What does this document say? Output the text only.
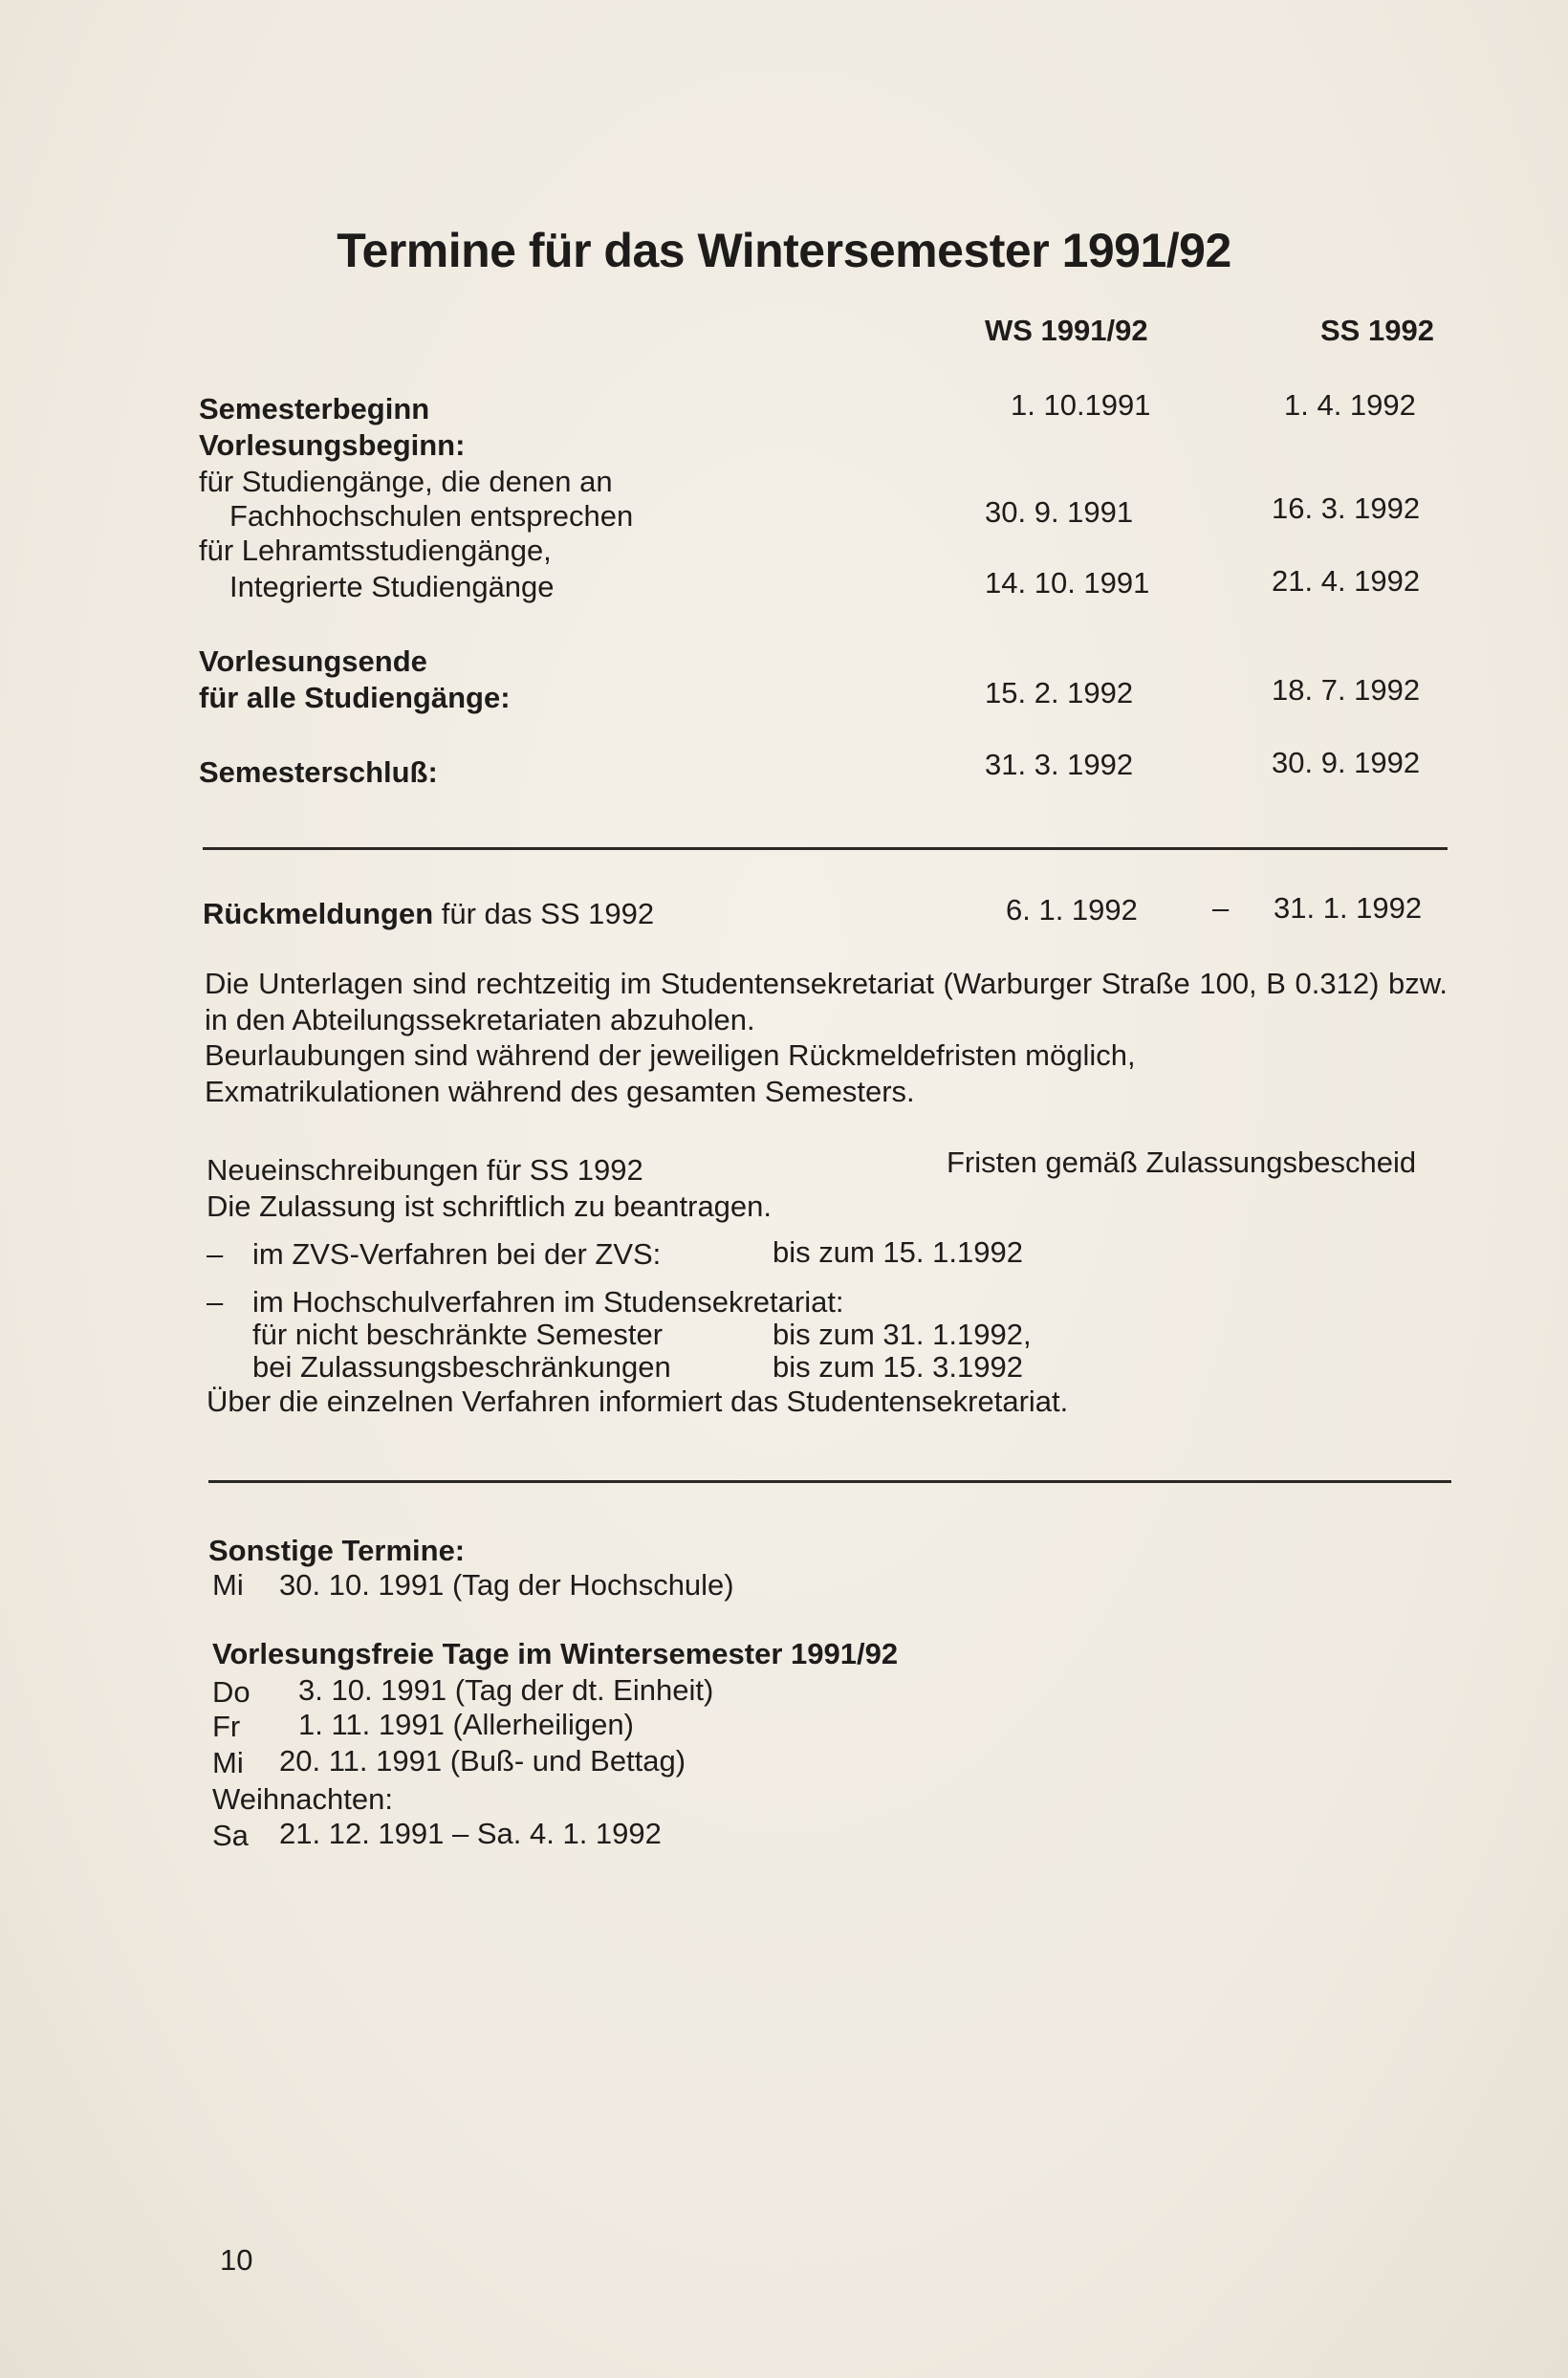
Termine für das Wintersemester 1991/92
WS 1991/92	SS 1992
Semesterbeginn	1. 10.1991	1. 4. 1992
Vorlesungsbeginn:
für Studiengänge, die denen an
Fachhochschulen entsprechen	30. 9. 1991	16. 3. 1992
für Lehramtsstudiengänge,
Integrierte Studiengänge	14. 10. 1991	21. 4. 1992
Vorlesungsende
für alle Studiengänge:	15. 2. 1992	18. 7. 1992
Semesterschluß:	31. 3. 1992	30. 9. 1992
Rückmeldungen für das SS 1992	6. 1. 1992	– 31. 1. 1992
Die Unterlagen sind rechtzeitig im Studentensekretariat (Warburger Straße 100, B 0.312) bzw. in den Abteilungssekretariaten abzuholen.
Beurlaubungen sind während der jeweiligen Rückmeldefristen möglich,
Exmatrikulationen während des gesamten Semesters.
Neueinschreibungen für SS 1992	Fristen gemäß Zulassungsbescheid
Die Zulassung ist schriftlich zu beantragen.
– im ZVS-Verfahren bei der ZVS:	bis zum 15. 1.1992
– im Hochschulverfahren im Studensekretariat:
für nicht beschränkte Semester	bis zum 31. 1.1992,
bei Zulassungsbeschränkungen	bis zum 15. 3.1992
Über die einzelnen Verfahren informiert das Studentensekretariat.
Sonstige Termine:
Mi 30. 10. 1991 (Tag der Hochschule)
Vorlesungsfreie Tage im Wintersemester 1991/92
Do 3. 10. 1991 (Tag der dt. Einheit)
Fr 1. 11. 1991 (Allerheiligen)
Mi 20. 11. 1991 (Buß- und Bettag)
Weihnachten:
Sa 21. 12. 1991 – Sa. 4. 1. 1992
10
